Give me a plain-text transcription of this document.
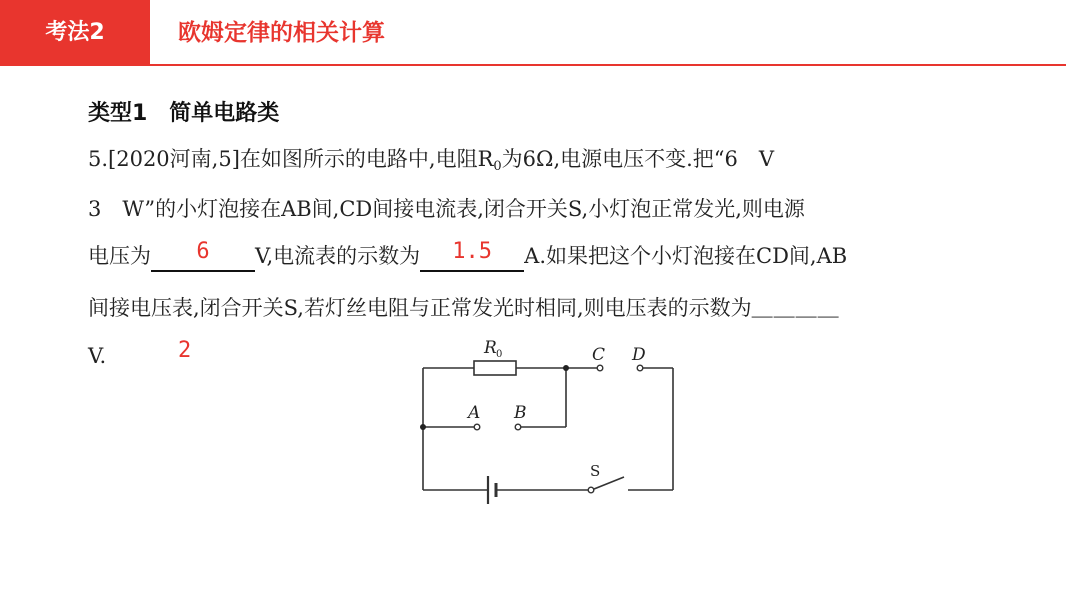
考法2	欧姆定律的相关计算
类型1　简单电路类
5.[2020河南,5]在如图所示的电路中,电阻$R_0$为6Ω,电源电压不变.把“6　V
3　W”的小灯泡接在AB间,CD间接电流表,闭合开关S,小灯泡正常发光,则电源
电压为	6	V,电流表的示数为	1.5	A.如果把这个小灯泡接在CD间,AB
间接电压表,闭合开关S,若灯丝电阻与正常发光时相同,则电压表的示数为＿＿＿＿
V.	2	R 0	C D
A B
S
